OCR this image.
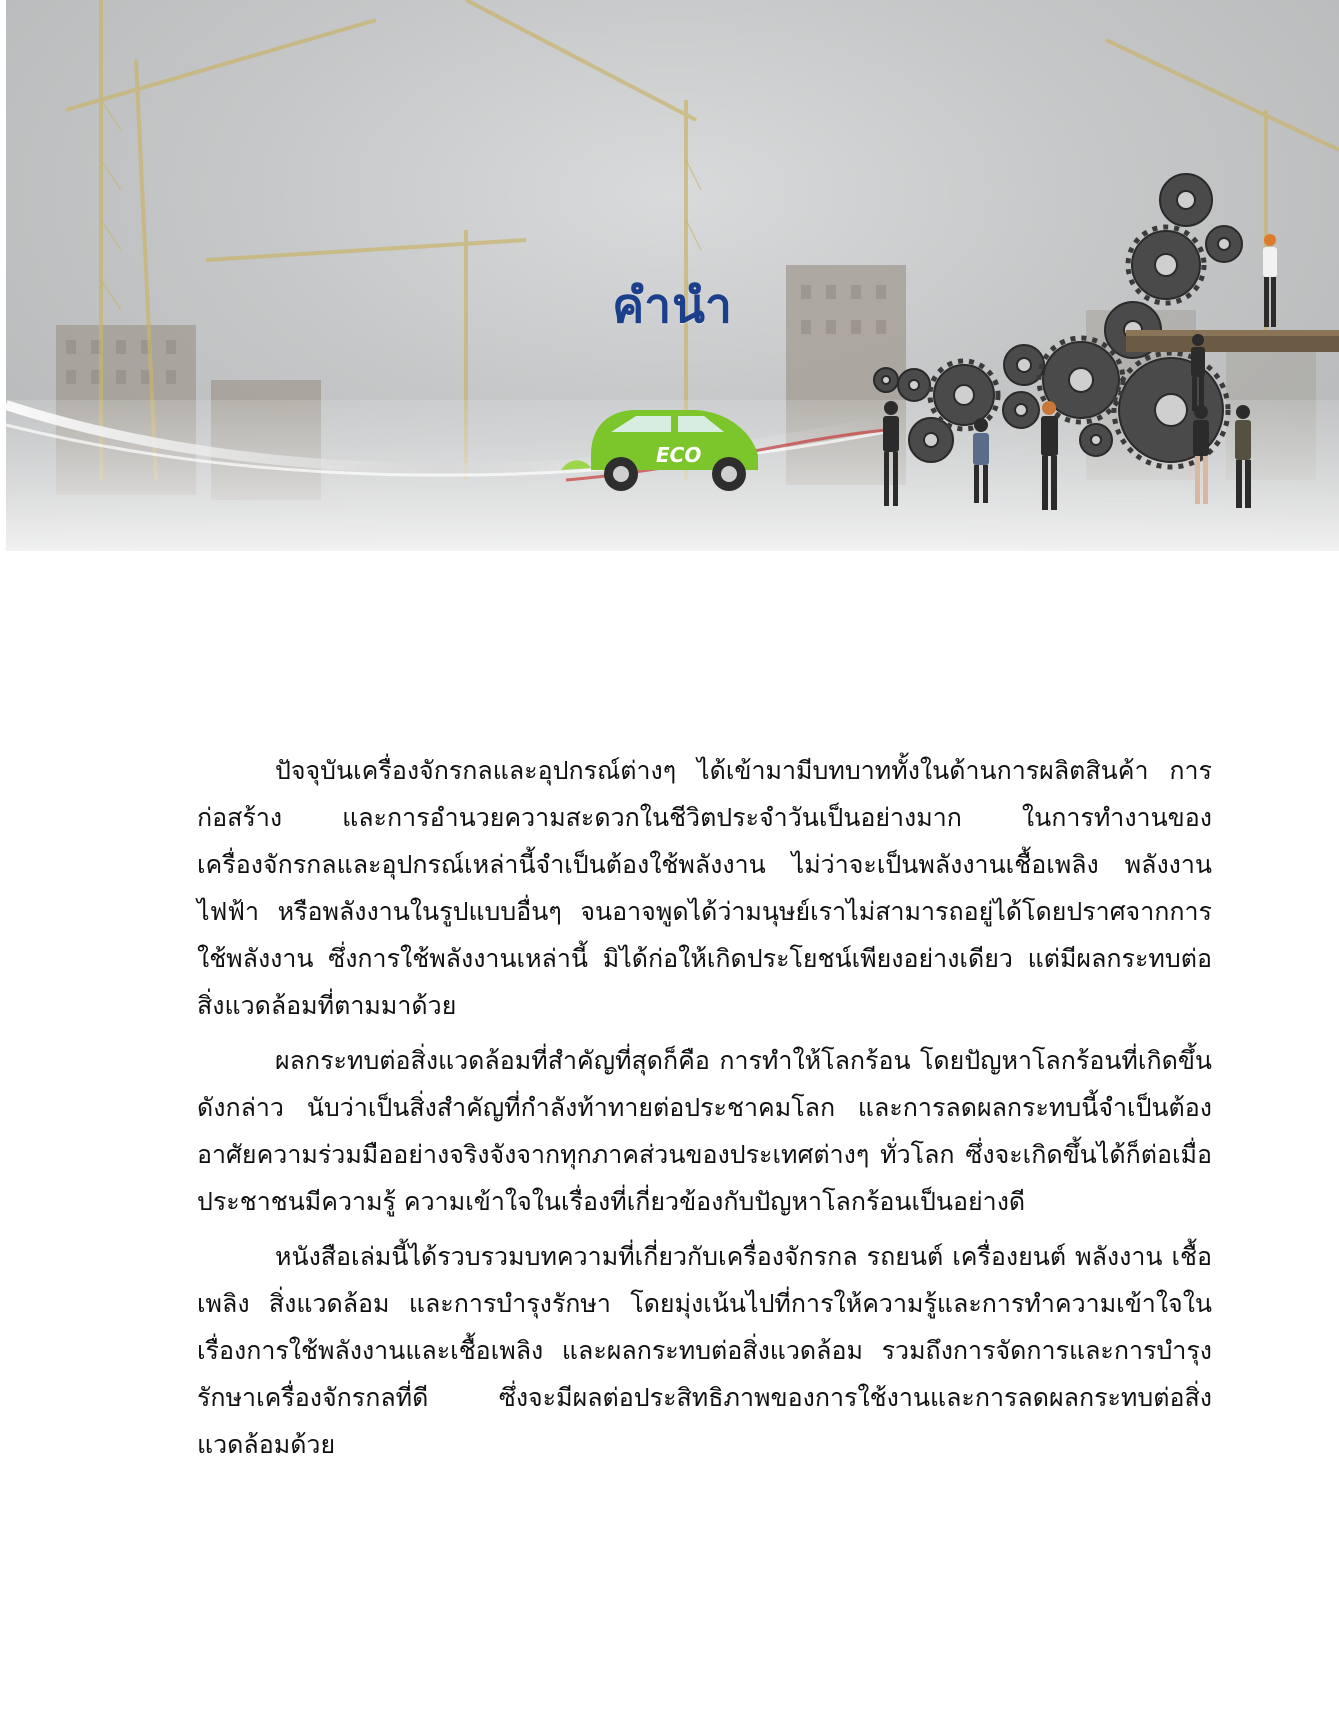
ECO
คำนำ

ปัจจุบันเครื่องจักรกลและอุปกรณ์ต่างๆ ได้เข้ามามีบทบาททั้งในด้านการผลิตสินค้า การก่อสร้าง และการอำนวยความสะดวกในชีวิตประจำวันเป็นอย่างมาก ในการทำงานของเครื่องจักรกลและอุปกรณ์เหล่านี้จำเป็นต้องใช้พลังงาน ไม่ว่าจะเป็นพลังงานเชื้อเพลิง พลังงานไฟฟ้า หรือพลังงานในรูปแบบอื่นๆ จนอาจพูดได้ว่ามนุษย์เราไม่สามารถอยู่ได้โดยปราศจากการใช้พลังงาน ซึ่งการใช้พลังงานเหล่านี้ มิได้ก่อให้เกิดประโยชน์เพียงอย่างเดียว แต่มีผลกระทบต่อสิ่งแวดล้อมที่ตามมาด้วย

ผลกระทบต่อสิ่งแวดล้อมที่สำคัญที่สุดก็คือ การทำให้โลกร้อน โดยปัญหาโลกร้อนที่เกิดขึ้นดังกล่าว นับว่าเป็นสิ่งสำคัญที่กำลังท้าทายต่อประชาคมโลก และการลดผลกระทบนี้จำเป็นต้องอาศัยความร่วมมืออย่างจริงจังจากทุกภาคส่วนของประเทศต่างๆ ทั่วโลก ซึ่งจะเกิดขึ้นได้ก็ต่อเมื่อประชาชนมีความรู้ ความเข้าใจในเรื่องที่เกี่ยวข้องกับปัญหาโลกร้อนเป็นอย่างดี

หนังสือเล่มนี้ได้รวบรวมบทความที่เกี่ยวกับเครื่องจักรกล รถยนต์ เครื่องยนต์ พลังงาน เชื้อเพลิง สิ่งแวดล้อม และการบำรุงรักษา โดยมุ่งเน้นไปที่การให้ความรู้และการทำความเข้าใจในเรื่องการใช้พลังงานและเชื้อเพลิง และผลกระทบต่อสิ่งแวดล้อม รวมถึงการจัดการและการบำรุงรักษาเครื่องจักรกลที่ดี ซึ่งจะมีผลต่อประสิทธิภาพของการใช้งานและการลดผลกระทบต่อสิ่งแวดล้อมด้วย
